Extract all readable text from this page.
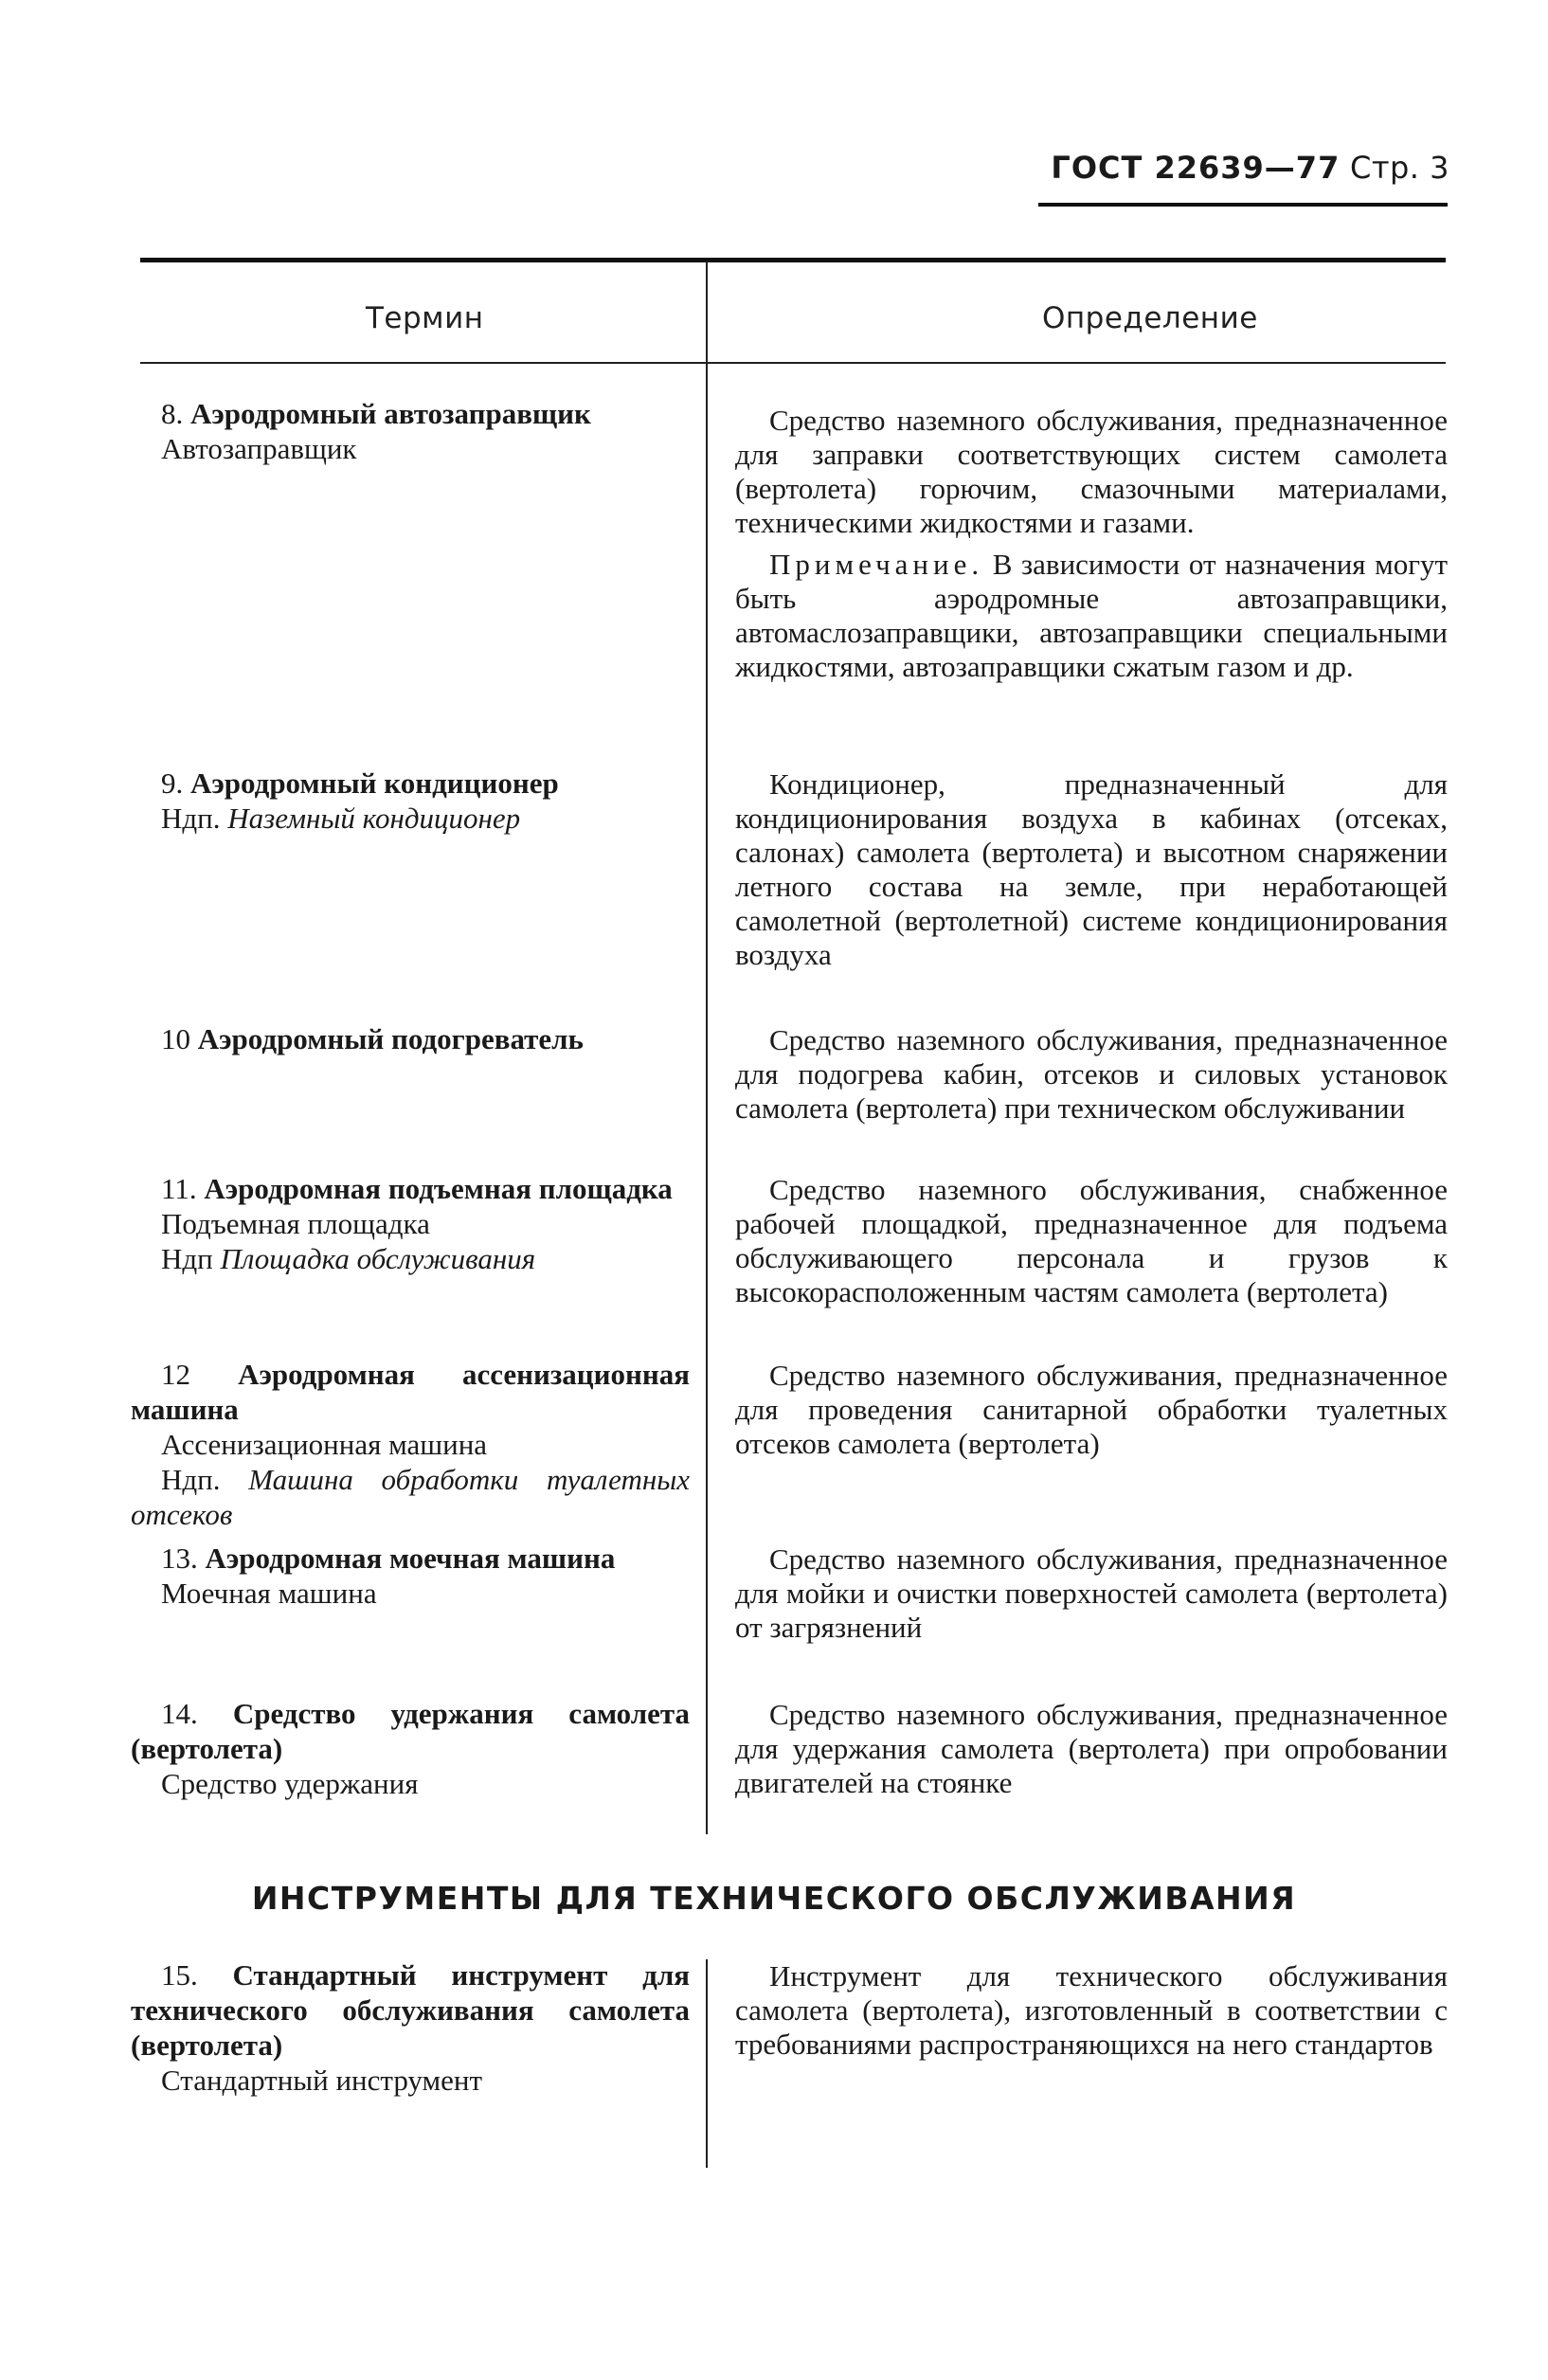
ГОСТ 22639—77 Стр. 3
Термин	Определение
8. Аэродромный автозаправщик
Автозаправщик
Средство наземного обслуживания, предназначенное для заправки соответствующих систем самолета (вертолета) горючим, смазочными материалами, техническими жидкостями и газами.
Примечание. В зависимости от назначения могут быть аэродромные автозаправщики, автомаслозаправщики, автозаправщики специальными жидкостями, автозаправщики сжатым газом и др.
9. Аэродромный кондиционер
Ндп. Наземный кондиционер
Кондиционер, предназначенный для кондиционирования воздуха в кабинах (отсеках, салонах) самолета (вертолета) и высотном снаряжении летного состава на земле, при неработающей самолетной (вертолетной) системе кондиционирования воздуха
10 Аэродромный подогреватель	Средство наземного обслуживания, предназначенное для подогрева кабин, отсеков и силовых установок самолета (вертолета) при техническом обслуживании
11. Аэродромная подъемная площадка
Подъемная площадка
Ндп Площадка обслуживания
Средство наземного обслуживания, снабженное рабочей площадкой, предназначенное для подъема обслуживающего персонала и грузов к высокорасположенным частям самолета (вертолета)
12 Аэродромная ассенизационная машина
Ассенизационная машина
Ндп. Машина обработки туалетных отсеков
Средство наземного обслуживания, предназначенное для проведения санитарной обработки туалетных отсеков самолета (вертолета)
13. Аэродромная моечная машина
Моечная машина
Средство наземного обслуживания, предназначенное для мойки и очистки поверхностей самолета (вертолета) от загрязнений
14. Средство удержания самолета (вертолета)
Средство удержания
Средство наземного обслуживания, предназначенное для удержания самолета (вертолета) при опробовании двигателей на стоянке
ИНСТРУМЕНТЫ ДЛЯ ТЕХНИЧЕСКОГО ОБСЛУЖИВАНИЯ
15. Стандартный инструмент для технического обслуживания самолета (вертолета)
Стандартный инструмент
Инструмент для технического обслуживания самолета (вертолета), изготовленный в соответствии с требованиями распространяющихся на него стандартов
